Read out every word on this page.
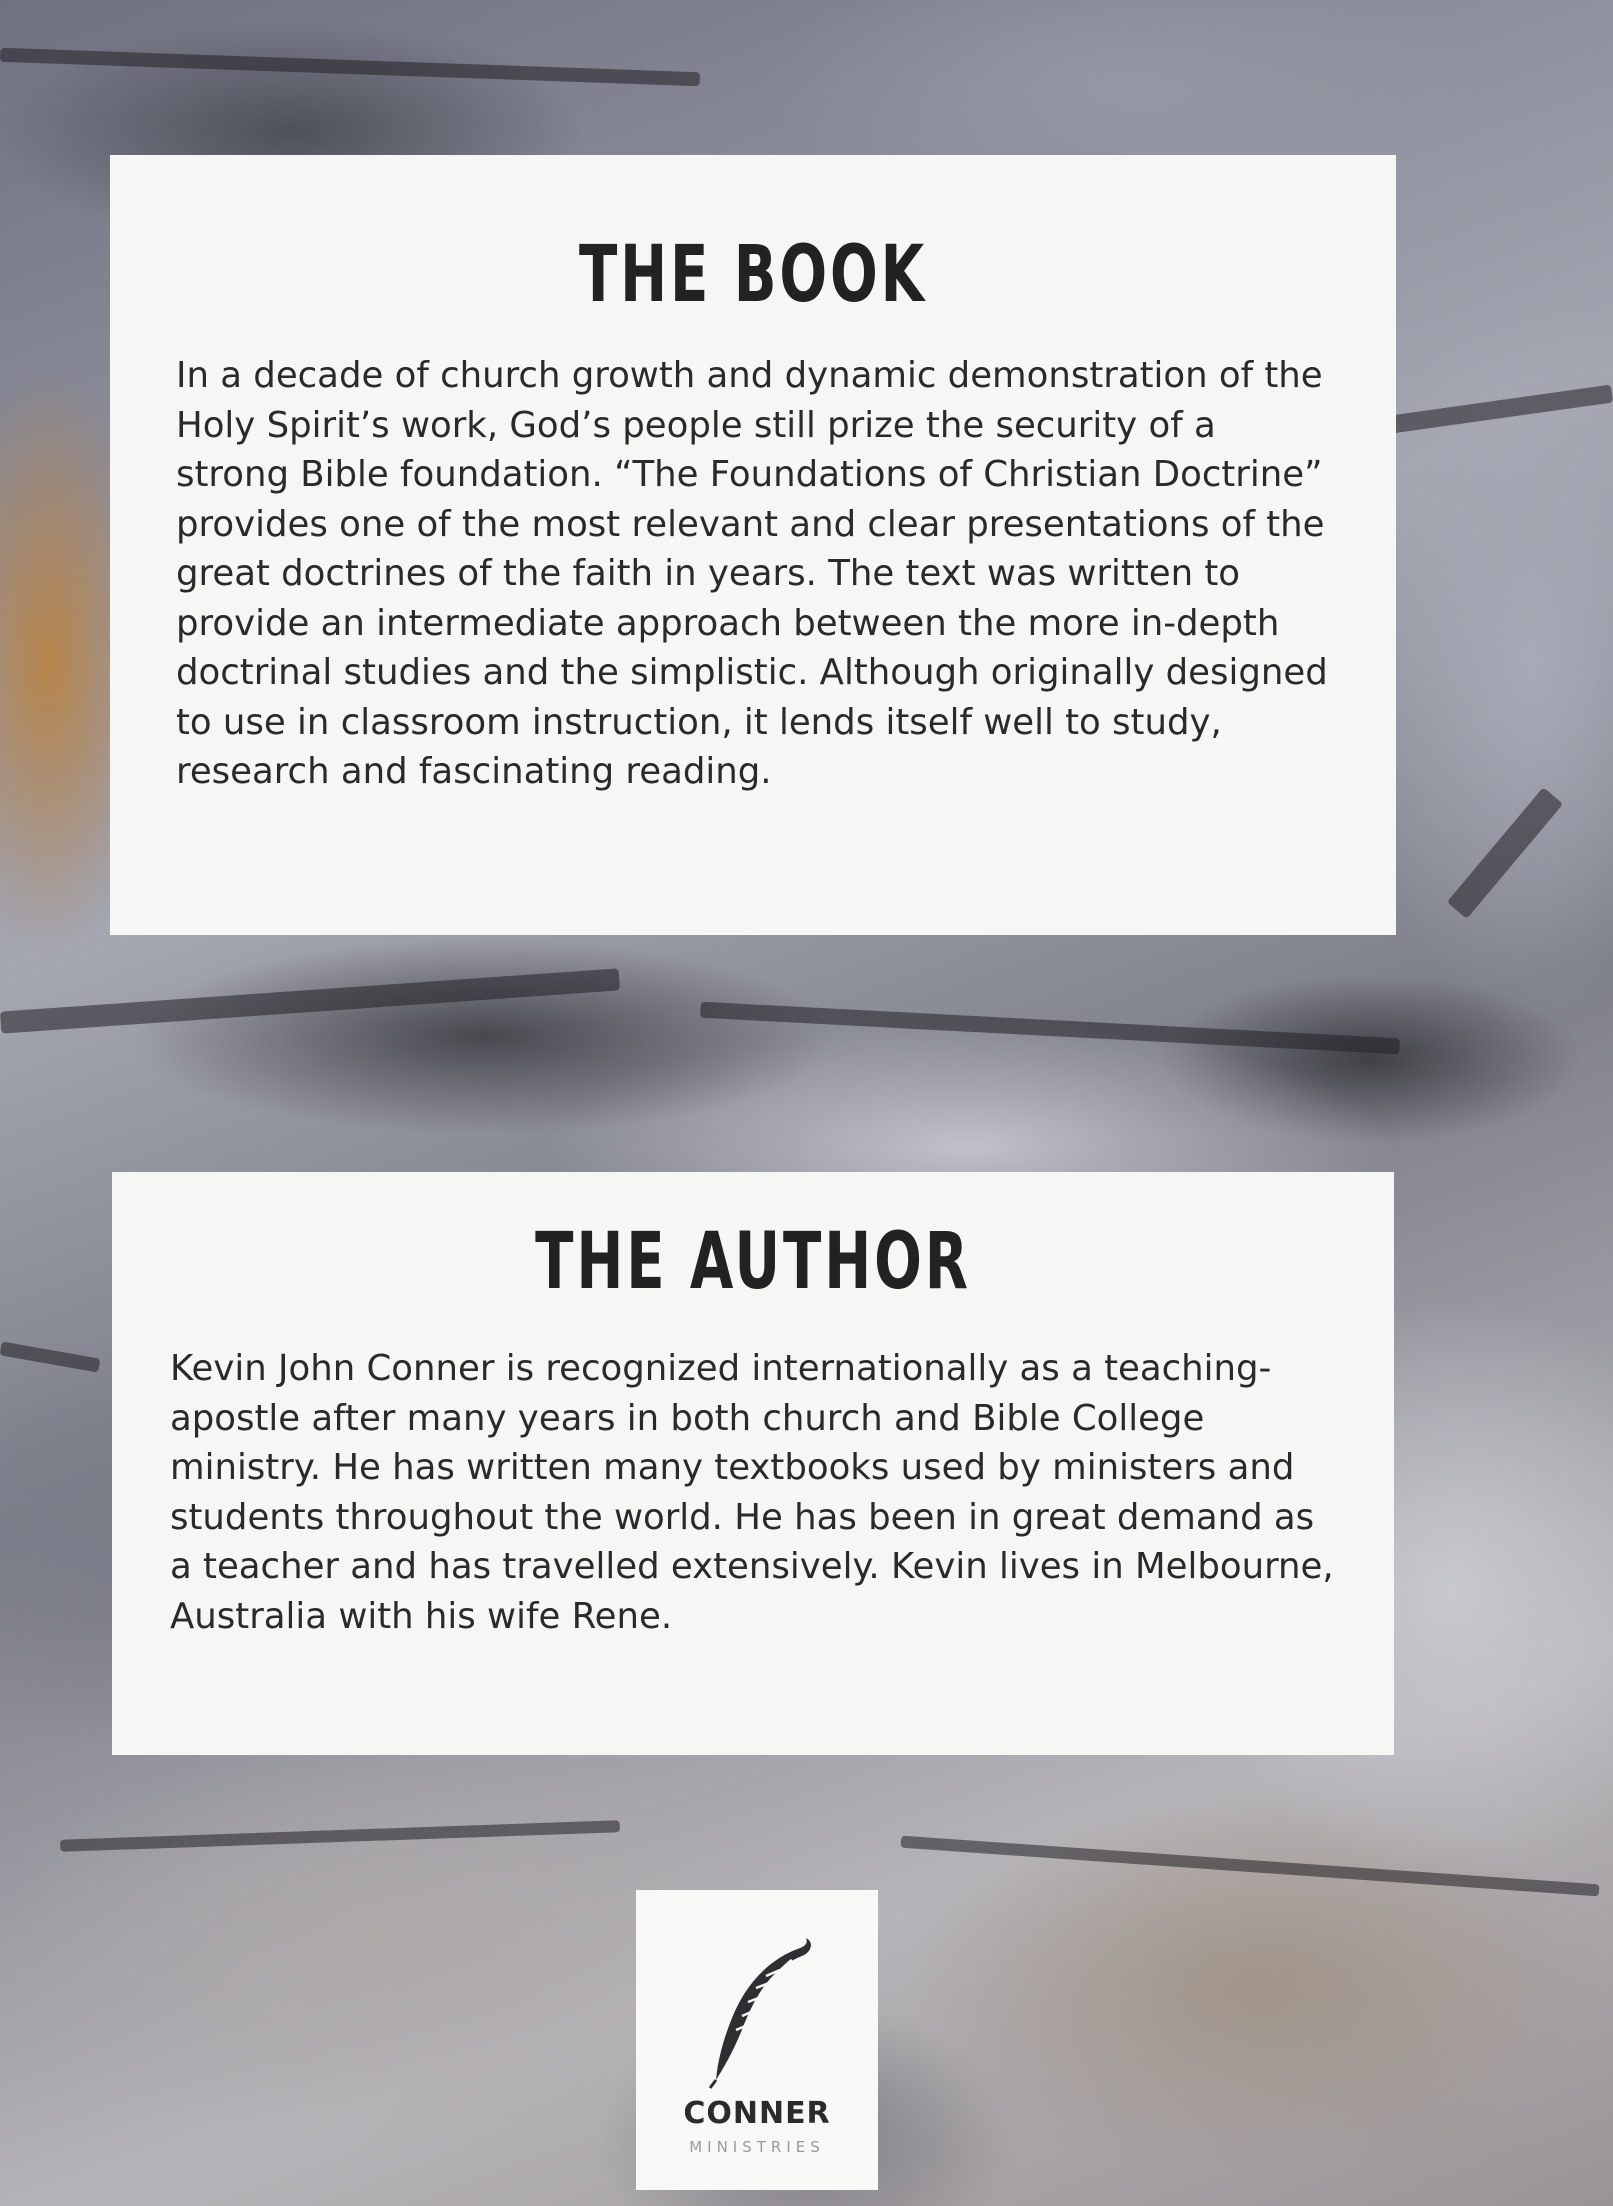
THE BOOK

In a decade of church growth and dynamic demonstration of the Holy Spirit’s work, God’s people still prize the security of a strong Bible foundation. “The Foundations of Christian Doctrine” provides one of the most relevant and clear presentations of the great doctrines of the faith in years. The text was written to provide an intermediate approach between the more in-depth doctrinal studies and the simplistic. Although originally designed to use in classroom instruction, it lends itself well to study, research and fascinating reading.

THE AUTHOR

Kevin John Conner is recognized internationally as a teaching-apostle after many years in both church and Bible College ministry. He has written many textbooks used by ministers and students throughout the world. He has been in great demand as a teacher and has travelled extensively. Kevin lives in Melbourne, Australia with his wife Rene.

CONNER
MINISTRIES
